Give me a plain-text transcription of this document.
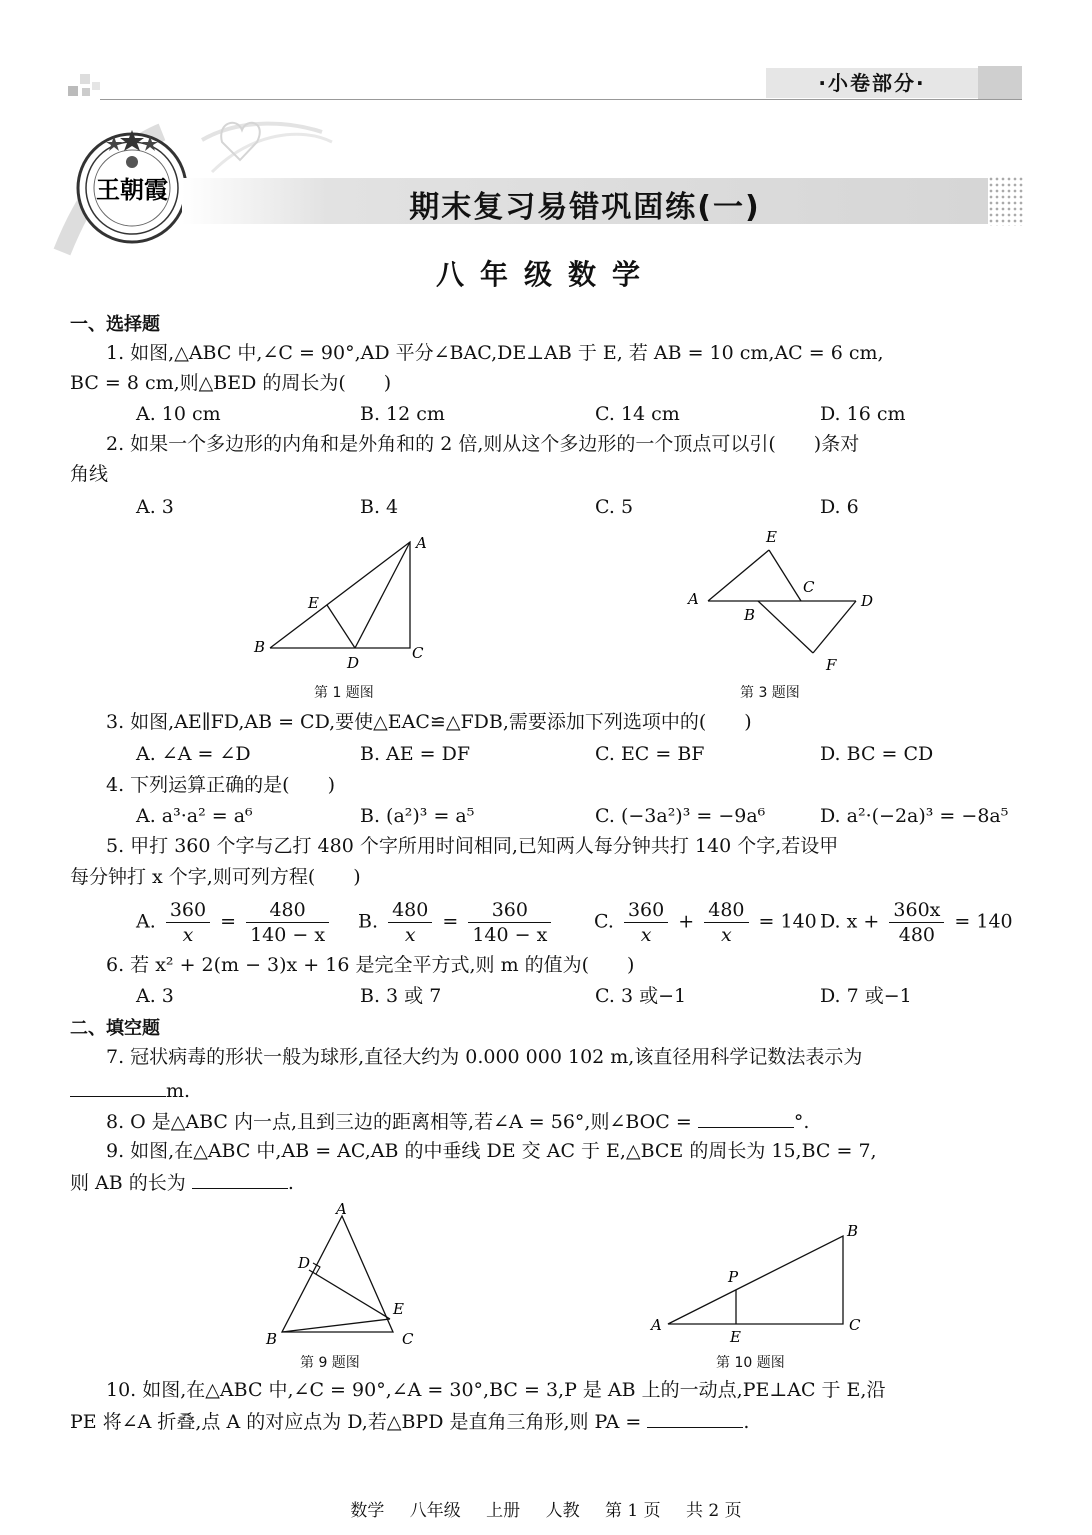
·小卷部分·
王朝霞
期末复习易错巩固练(一)
八年级数学
一、选择题
1. 如图,△ABC 中,∠C = 90°,AD 平分∠BAC,DE⊥AB 于 E, 若 AB = 10 cm,AC = 6 cm,
BC = 8 cm,则△BED 的周长为(　　)
A. 10 cm	B. 12 cm	C. 14 cm	D. 16 cm
2. 如果一个多边形的内角和是外角和的 2 倍,则从这个多边形的一个顶点可以引(　　)条对
角线
A. 3	B. 4	C. 5	D. 6
A
B	C
D
E
第 1 题图
A
B
C
D
E
F
第 3 题图
3. 如图,AE∥FD,AB = CD,要使△EAC≌△FDB,需要添加下列选项中的(　　)
A. ∠A = ∠D	B. AE = DF	C. EC = BF	D. BC = CD
4. 下列运算正确的是(　　)
A. a³·a² = a⁶	B. (a²)³ = a⁵	C. (−3a²)³ = −9a⁶	D. a²·(−2a)³ = −8a⁵
5. 甲打 360 个字与乙打 480 个字所用时间相同,已知两人每分钟共打 140 个字,若设甲
每分钟打 x 个字,则可列方程(　　)
A. $\frac{360}{x} = \frac{480}{140 - x} B$. $\frac{480}{x} = \frac{360}{140 - x} C$. $\frac{360}{x} + \frac{480}{x} = 140$ D. $x + \frac{360x}{480} = 140$
6. 若 x² + 2(m − 3)x + 16 是完全平方式,则 m 的值为(　　)
A. 3	B. 3 或 7	C. 3 或−1	D. 7 或−1
二、填空题
7. 冠状病毒的形状一般为球形,直径大约为 0.000 000 102 m,该直径用科学记数法表示为
m.
8. O 是△ABC 内一点,且到三边的距离相等,若∠A = 56°,则∠BOC =	°.
9. 如图,在△ABC 中,AB = AC,AB 的中垂线 DE 交 AC 于 E,△BCE 的周长为 15,BC = 7,
则 AB 的长为	.
A
B	C
D
E
第 9 题图
A
B
C
E
P
第 10 题图
10. 如图,在△ABC 中,∠C = 90°,∠A = 30°,BC = 3,P 是 AB 上的一动点,PE⊥AC 于 E,沿
PE 将∠A 折叠,点 A 的对应点为 D,若△BPD 是直角三角形,则 PA =	.
数学 八年级 上册 人教 第 1 页 共 2 页
